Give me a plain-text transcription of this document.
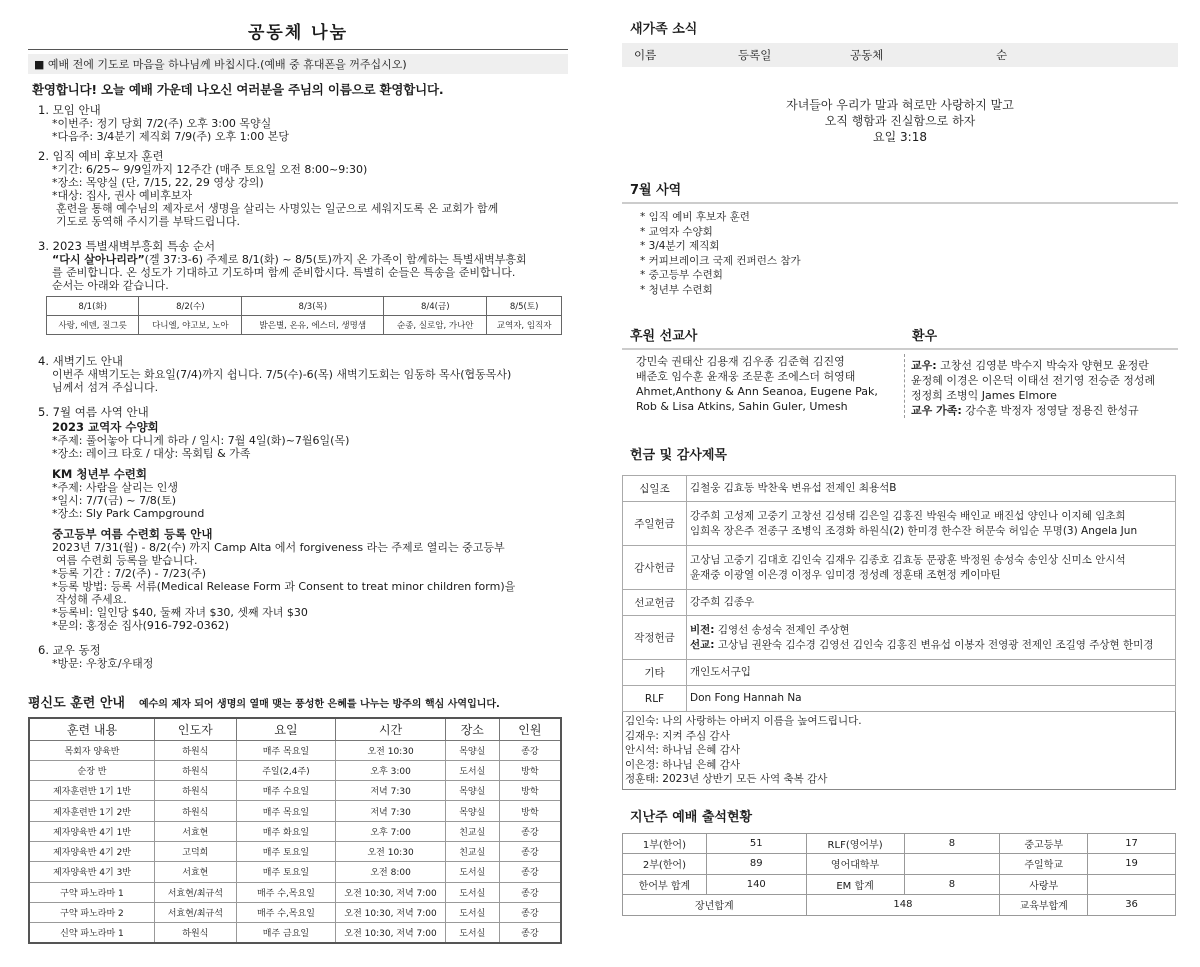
공동체 나눔
■ 예배 전에 기도로 마음을 하나님께 바칩시다.(예배 중 휴대폰을 꺼주십시오)
환영합니다! 오늘 예배 가운데 나오신 여러분을 주님의 이름으로 환영합니다.
1. 모임 안내
*이번주: 정기 당회 7/2(주) 오후 3:00 목양실
*다음주: 3/4분기 제직회 7/9(주) 오후 1:00 본당
2. 임직 예비 후보자 훈련
*기간: 6/25~ 9/9일까지 12주간 (매주 토요일 오전 8:00~9:30)
*장소: 목양실 (단, 7/15, 22, 29 영상 강의)
*대상: 집사, 권사 예비후보자
훈련을 통해 예수님의 제자로서 생명을 살리는 사명있는 일군으로 세워지도록 온 교회가 함께
기도로 동역해 주시기를 부탁드립니다.
3. 2023 특별새벽부흥회 특송 순서
“다시 살아나리라”(겔 37:3-6) 주제로 8/1(화) ~ 8/5(토)까지 온 가족이 함께하는 특별새벽부흥회
를 준비합니다. 온 성도가 기대하고 기도하며 함께 준비합시다. 특별히 순들은 특송을 준비합니다.
순서는 아래와 같습니다.
8/1(화)	8/2(수)	8/3(목)	8/4(금)	8/5(토)
사랑, 에덴, 질그릇	다니엘, 야고보, 노아	밝은별, 온유, 에스더, 생명샘	순종, 실로암, 가나안	교역자, 임직자
4. 새벽기도 안내
이번주 새벽기도는 화요일(7/4)까지 쉽니다. 7/5(수)-6(목) 새벽기도회는 임동하 목사(협동목사)
님께서 섬겨 주십니다.
5. 7월 여름 사역 안내
2023 교역자 수양회
*주제: 풀어놓아 다니게 하라 / 일시: 7월 4일(화)~7월6일(목)
*장소: 레이크 타호 / 대상: 목회팀 & 가족
KM 청년부 수련회
*주제: 사람을 살리는 인생
*일시: 7/7(금) ~ 7/8(토)
*장소: Sly Park Campground
중고등부 여름 수련회 등록 안내
2023년 7/31(월) - 8/2(수) 까지 Camp Alta 에서 forgiveness 라는 주제로 열리는 중고등부
여름 수련회 등록을 받습니다.
*등록 기간 : 7/2(주) - 7/23(주)
*등록 방법: 등록 서류(Medical Release Form 과 Consent to treat minor children form)을
작성해 주세요.
*등록비: 일인당 $40, 둘째 자녀 $30, 셋째 자녀 $30
*문의: 홍정순 집사(916-792-0362)
6. 교우 동정
*방문: 우창호/우태정
평신도 훈련 안내 예수의 제자 되어 생명의 열매 맺는 풍성한 은혜를 나누는 방주의 핵심 사역입니다.
훈련 내용	인도자	요일	시간	장소	인원
목회자 양육반	하원식	매주 목요일	오전 10:30	목양실	종강
순장 반	하원식	주일(2,4주)	오후 3:00	도서실	방학
제자훈련반 1기 1반	하원식	매주 수요일	저녁 7:30	목양실	방학
제자훈련반 1기 2반	하원식	매주 목요일	저녁 7:30	목양실	방학
제자양육반 4기 1반	서효현	매주 화요일	오후 7:00	친교실	종강
제자양육반 4기 2반	고덕희	매주 토요일	오전 10:30	친교실	종강
제자양육반 4기 3반	서효현	매주 토요일	오전 8:00	도서실	종강
구약 파노라마 1	서효현/최규석	매주 수,목요일	오전 10:30, 저녁 7:00	도서실	종강
구약 파노라마 2	서효현/최규석	매주 수,목요일	오전 10:30, 저녁 7:00	도서실	종강
신약 파노라마 1	하원식	매주 금요일	오전 10:30, 저녁 7:00	도서실	종강
새가족 소식
이름	등록일	공동체	순
자녀들아 우리가 말과 혀로만 사랑하지 말고
오직 행함과 진실함으로 하자
요일 3:18
7월 사역
* 임직 예비 후보자 훈련
* 교역자 수양회
* 3/4분기 제직회
* 커피브레이크 국제 컨퍼런스 참가
* 중고등부 수련회
* 청년부 수련회
후원 선교사
강민숙 권태산 김용재 김우종 김준혁 김진영
배준호 임수훈 윤재웅 조문훈 조에스더 허영태
Ahmet,Anthony & Ann Seanoa, Eugene Pak,
Rob & Lisa Atkins, Sahin Guler, Umesh
환우
교우: 고창선 김영분 박수지 박숙자 양현모 윤정란
윤정혜 이경은 이은덕 이태선 전기영 전승준 정성례
정정희 조병익 James Elmore
교우 가족: 강수훈 박정자 정영달 정용진 한성규
헌금 및 감사제목
십일조	김철웅 김효동 박찬욱 변유섭 전제인 최용석B

주일헌금	강주희 고성제 고중기 고창선 김성태 김은일 김홍진 박원숙 배인교 배진섭 양인나 이지혜 임초희
임희옥 장은주 전종구 조병익 조경화 하원식(2) 한미경 한수잔 허문숙 허임순 무명(3) Angela Jun

감사헌금	고상님 고중기 김대호 김인숙 김재우 김종호 김효동 문광훈 박정원 송성숙 송인상 신미소 안시석
윤재중 이광열 이은경 이정우 임미경 정성례 정훈태 조현정 케이마틴

선교헌금	강주희 김종우

작정헌금	비전: 김영선 송성숙 전제인 주상현
선교: 고상님 권완숙 김수경 김영선 김인숙 김홍진 변유섭 이봉자 전영광 전제인 조길영 주상현 한미경

기타	개인도서구입

RLF	Don Fong Hannah Na
김인숙: 나의 사랑하는 아버지 이름을 높여드립니다.
김재우: 지켜 주심 감사
안시석: 하나님 은혜 감사
이은경: 하나님 은혜 감사
정훈태: 2023년 상반기 모든 사역 축복 감사
지난주 예배 출석현황
1부(한어)	51	RLF(영어부)	8	중고등부	17
2부(한어)	89	영어대학부		주일학교	19
한어부 합계	140	EM 합계	8	사랑부	
장년합계		148		교육부합계	36
